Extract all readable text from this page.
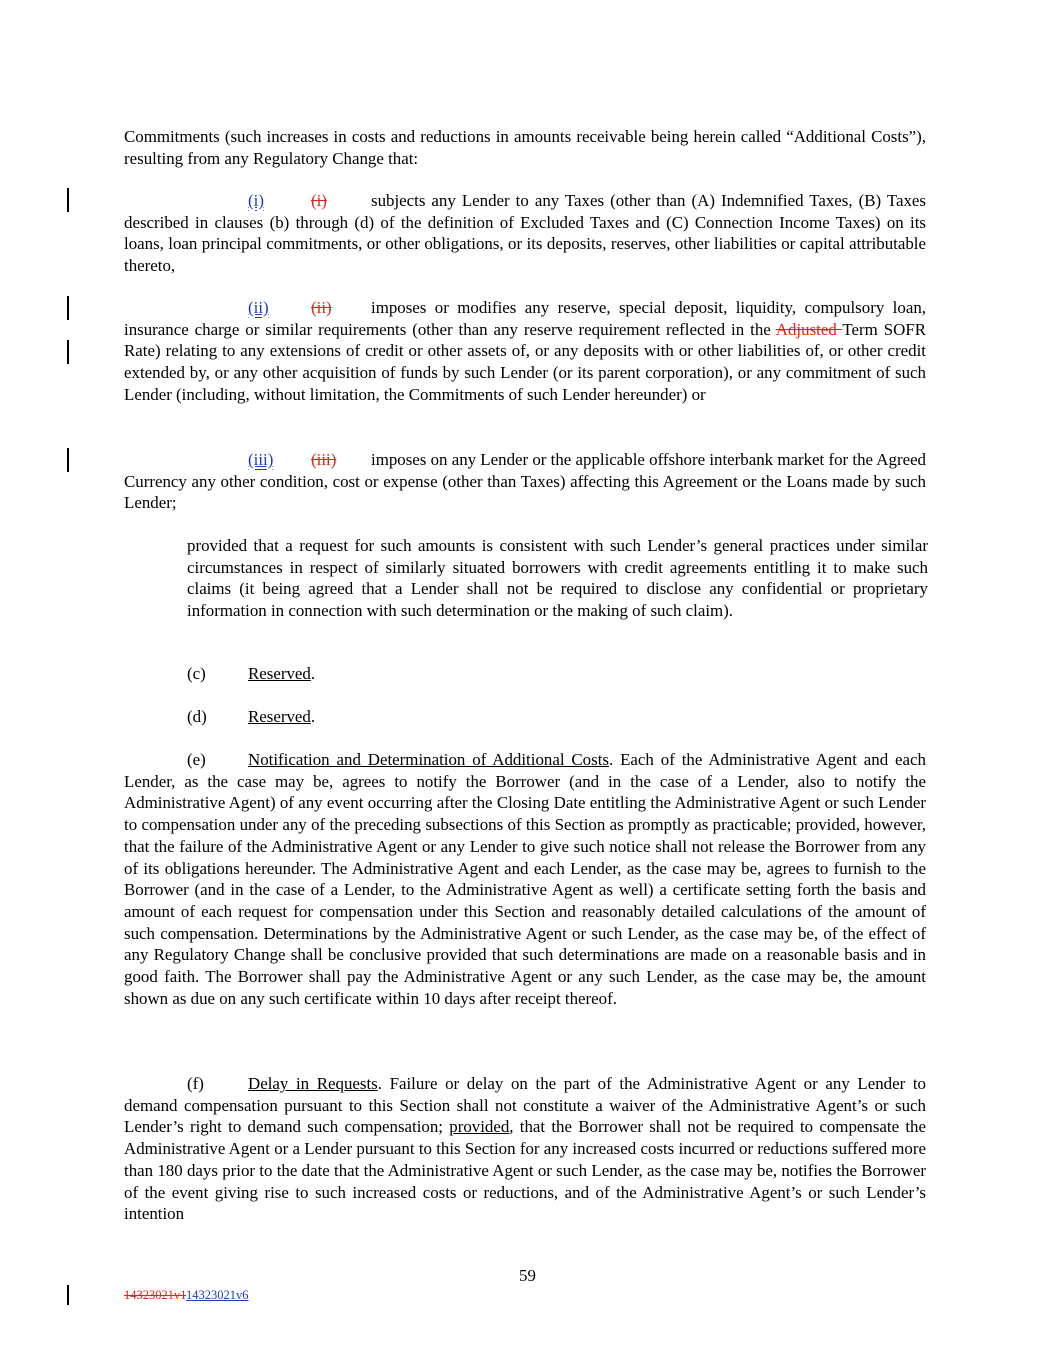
Commitments (such increases in costs and reductions in amounts receivable being herein called “Additional Costs”), resulting from any Regulatory Change that:

(i)	(i)	subjects any Lender to any Taxes (other than (A) Indemnified Taxes, (B) Taxes described in clauses (b) through (d) of the definition of Excluded Taxes and (C) Connection Income Taxes) on its loans, loan principal commitments, or other obligations, or its deposits, reserves, other liabilities or capital attributable thereto,

(ii)	(ii) imposes or modifies any reserve, special deposit, liquidity, compulsory loan, insurance charge or similar requirements (other than any reserve requirement reflected in the Adjusted Term SOFR Rate) relating to any extensions of credit or other assets of, or any deposits with or other liabilities of, or other credit extended by, or any other acquisition of funds by such Lender (or its parent corporation), or any commitment of such Lender (including, without limitation, the Commitments of such Lender hereunder) or

(iii) (iii) imposes on any Lender or the applicable offshore interbank market for the Agreed Currency any other condition, cost or expense (other than Taxes) affecting this Agreement or the Loans made by such Lender;

provided that a request for such amounts is consistent with such Lender’s general practices under similar circumstances in respect of similarly situated borrowers with credit agreements entitling it to make such claims (it being agreed that a Lender shall not be required to disclose any confidential or proprietary information in connection with such determination or the making of such claim).

(c)	Reserved.
(d) Reserved.

(e)	Notification and Determination of Additional Costs. Each of the Administrative Agent and each Lender, as the case may be, agrees to notify the Borrower (and in the case of a Lender, also to notify the Administrative Agent) of any event occurring after the Closing Date entitling the Administrative Agent or such Lender to compensation under any of the preceding subsections of this Section as promptly as practicable; provided, however, that the failure of the Administrative Agent or any Lender to give such notice shall not release the Borrower from any of its obligations hereunder. The Administrative Agent and each Lender, as the case may be, agrees to furnish to the Borrower (and in the case of a Lender, to the Administrative Agent as well) a certificate setting forth the basis and amount of each request for compensation under this Section and reasonably detailed calculations of the amount of such compensation. Determinations by the Administrative Agent or such Lender, as the case may be, of the effect of any Regulatory Change shall be conclusive provided that such determinations are made on a reasonable basis and in good faith. The Borrower shall pay the Administrative Agent or any such Lender, as the case may be, the amount shown as due on any such certificate within 10 days after receipt thereof.

(f)	Delay in Requests. Failure or delay on the part of the Administrative Agent or any Lender to demand compensation pursuant to this Section shall not constitute a waiver of the Administrative Agent’s or such Lender’s right to demand such compensation; provided, that the Borrower shall not be required to compensate the Administrative Agent or a Lender pursuant to this Section for any increased costs incurred or reductions suffered more than 180 days prior to the date that the Administrative Agent or such Lender, as the case may be, notifies the Borrower of the event giving rise to such increased costs or reductions, and of the Administrative Agent’s or such Lender’s intention

59
14323021v114323021v6
